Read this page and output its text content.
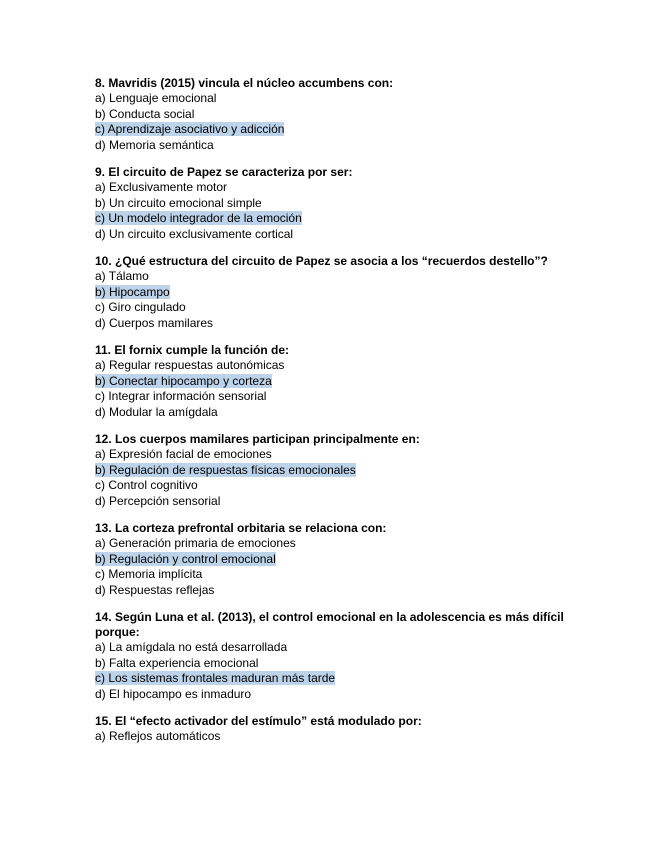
8. Mavridis (2015) vincula el núcleo accumbens con:

a) Lenguaje emocional

b) Conducta social

c) Aprendizaje asociativo y adicción

d) Memoria semántica

9. El circuito de Papez se caracteriza por ser:

a) Exclusivamente motor

b) Un circuito emocional simple

c) Un modelo integrador de la emoción

d) Un circuito exclusivamente cortical

10. ¿Qué estructura del circuito de Papez se asocia a los “recuerdos destello”?

a) Tálamo

b) Hipocampo

c) Giro cingulado

d) Cuerpos mamilares

11. El fornix cumple la función de:

a) Regular respuestas autonómicas

b) Conectar hipocampo y corteza

c) Integrar información sensorial

d) Modular la amígdala

12. Los cuerpos mamilares participan principalmente en:

a) Expresión facial de emociones

b) Regulación de respuestas físicas emocionales

c) Control cognitivo

d) Percepción sensorial

13. La corteza prefrontal orbitaria se relaciona con:

a) Generación primaria de emociones

b) Regulación y control emocional

c) Memoria implícita

d) Respuestas reflejas

14. Según Luna et al. (2013), el control emocional en la adolescencia es más difícil porque:

a) La amígdala no está desarrollada

b) Falta experiencia emocional

c) Los sistemas frontales maduran más tarde

d) El hipocampo es inmaduro

15. El “efecto activador del estímulo” está modulado por:

a) Reflejos automáticos
